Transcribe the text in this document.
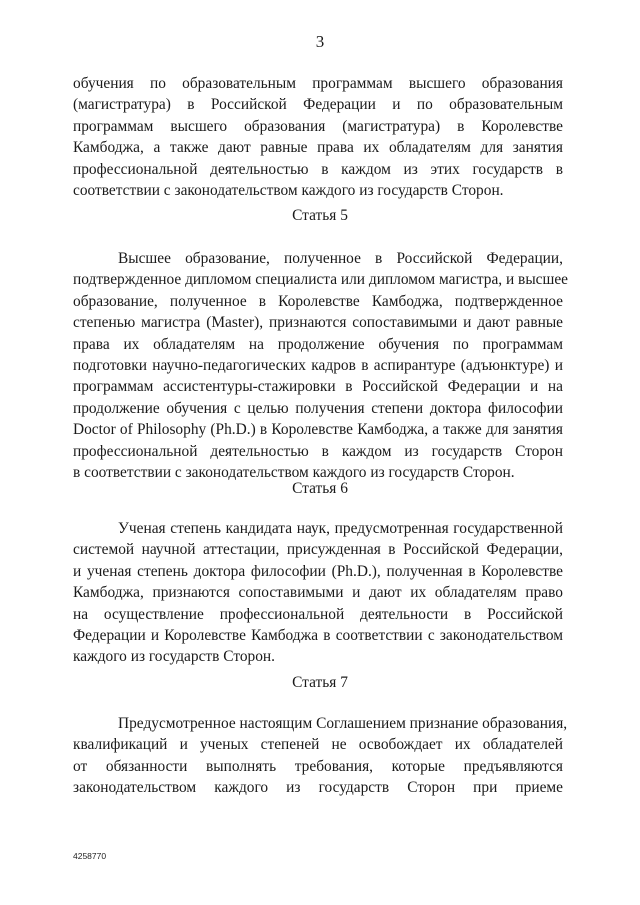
3
обучения по образовательным программам высшего образования
(магистратура) в Российской Федерации и по образовательным
программам высшего образования (магистратура) в Королевстве
Камбоджа, а также дают равные права их обладателям для занятия
профессиональной деятельностью в каждом из этих государств в
соответствии с законодательством каждого из государств Сторон.
Статья 5
Высшее образование, полученное в Российской Федерации,
подтвержденное дипломом специалиста или дипломом магистра, и высшее
образование, полученное в Королевстве Камбоджа, подтвержденное
степенью магистра (Master), признаются сопоставимыми и дают равные
права их обладателям на продолжение обучения по программам
подготовки научно-педагогических кадров в аспирантуре (адъюнктуре) и
программам ассистентуры-стажировки в Российской Федерации и на
продолжение обучения с целью получения степени доктора философии
Doctor of Philosophy (Ph.D.) в Королевстве Камбоджа, а также для занятия
профессиональной деятельностью в каждом из государств Сторон
в соответствии с законодательством каждого из государств Сторон.
Статья 6
Ученая степень кандидата наук, предусмотренная государственной
системой научной аттестации, присужденная в Российской Федерации,
и ученая степень доктора философии (Ph.D.), полученная в Королевстве
Камбоджа, признаются сопоставимыми и дают их обладателям право
на осуществление профессиональной деятельности в Российской
Федерации и Королевстве Камбоджа в соответствии с законодательством
каждого из государств Сторон.
Статья 7
Предусмотренное настоящим Соглашением признание образования,
квалификаций и ученых степеней не освобождает их обладателей
от обязанности выполнять требования, которые предъявляются
законодательством каждого из государств Сторон при приеме
4258770
